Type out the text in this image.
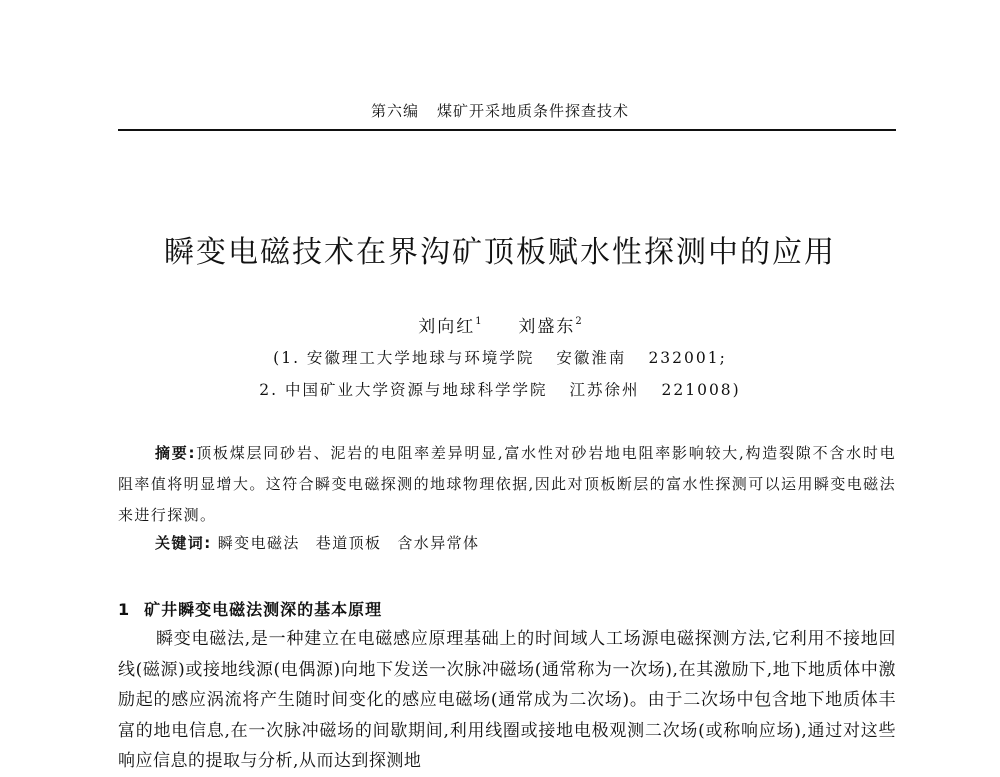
第六编 煤矿开采地质条件探查技术
瞬变电磁技术在界沟矿顶板赋水性探测中的应用
刘向红$^1$ 刘盛东$^2$
(1. 安徽理工大学地球与环境学院 安徽淮南 232001;
2. 中国矿业大学资源与地球科学学院 江苏徐州 221008)

摘要:顶板煤层同砂岩、泥岩的电阻率差异明显,富水性对砂岩地电阻率影响较大,构造裂隙不含水时电阻率值将明显增大。这符合瞬变电磁探测的地球物理依据,因此对顶板断层的富水性探测可以运用瞬变电磁法来进行探测。

关键词: 瞬变电磁法 巷道顶板 含水异常体
1 矿井瞬变电磁法测深的基本原理

瞬变电磁法,是一种建立在电磁感应原理基础上的时间域人工场源电磁探测方法,它利用不接地回线(磁源)或接地线源(电偶源)向地下发送一次脉冲磁场(通常称为一次场),在其激励下,地下地质体中激励起的感应涡流将产生随时间变化的感应电磁场(通常成为二次场)。由于二次场中包含地下地质体丰富的地电信息,在一次脉冲磁场的间歇期间,利用线圈或接地电极观测二次场(或称响应场),通过对这些响应信息的提取与分析,从而达到探测地
